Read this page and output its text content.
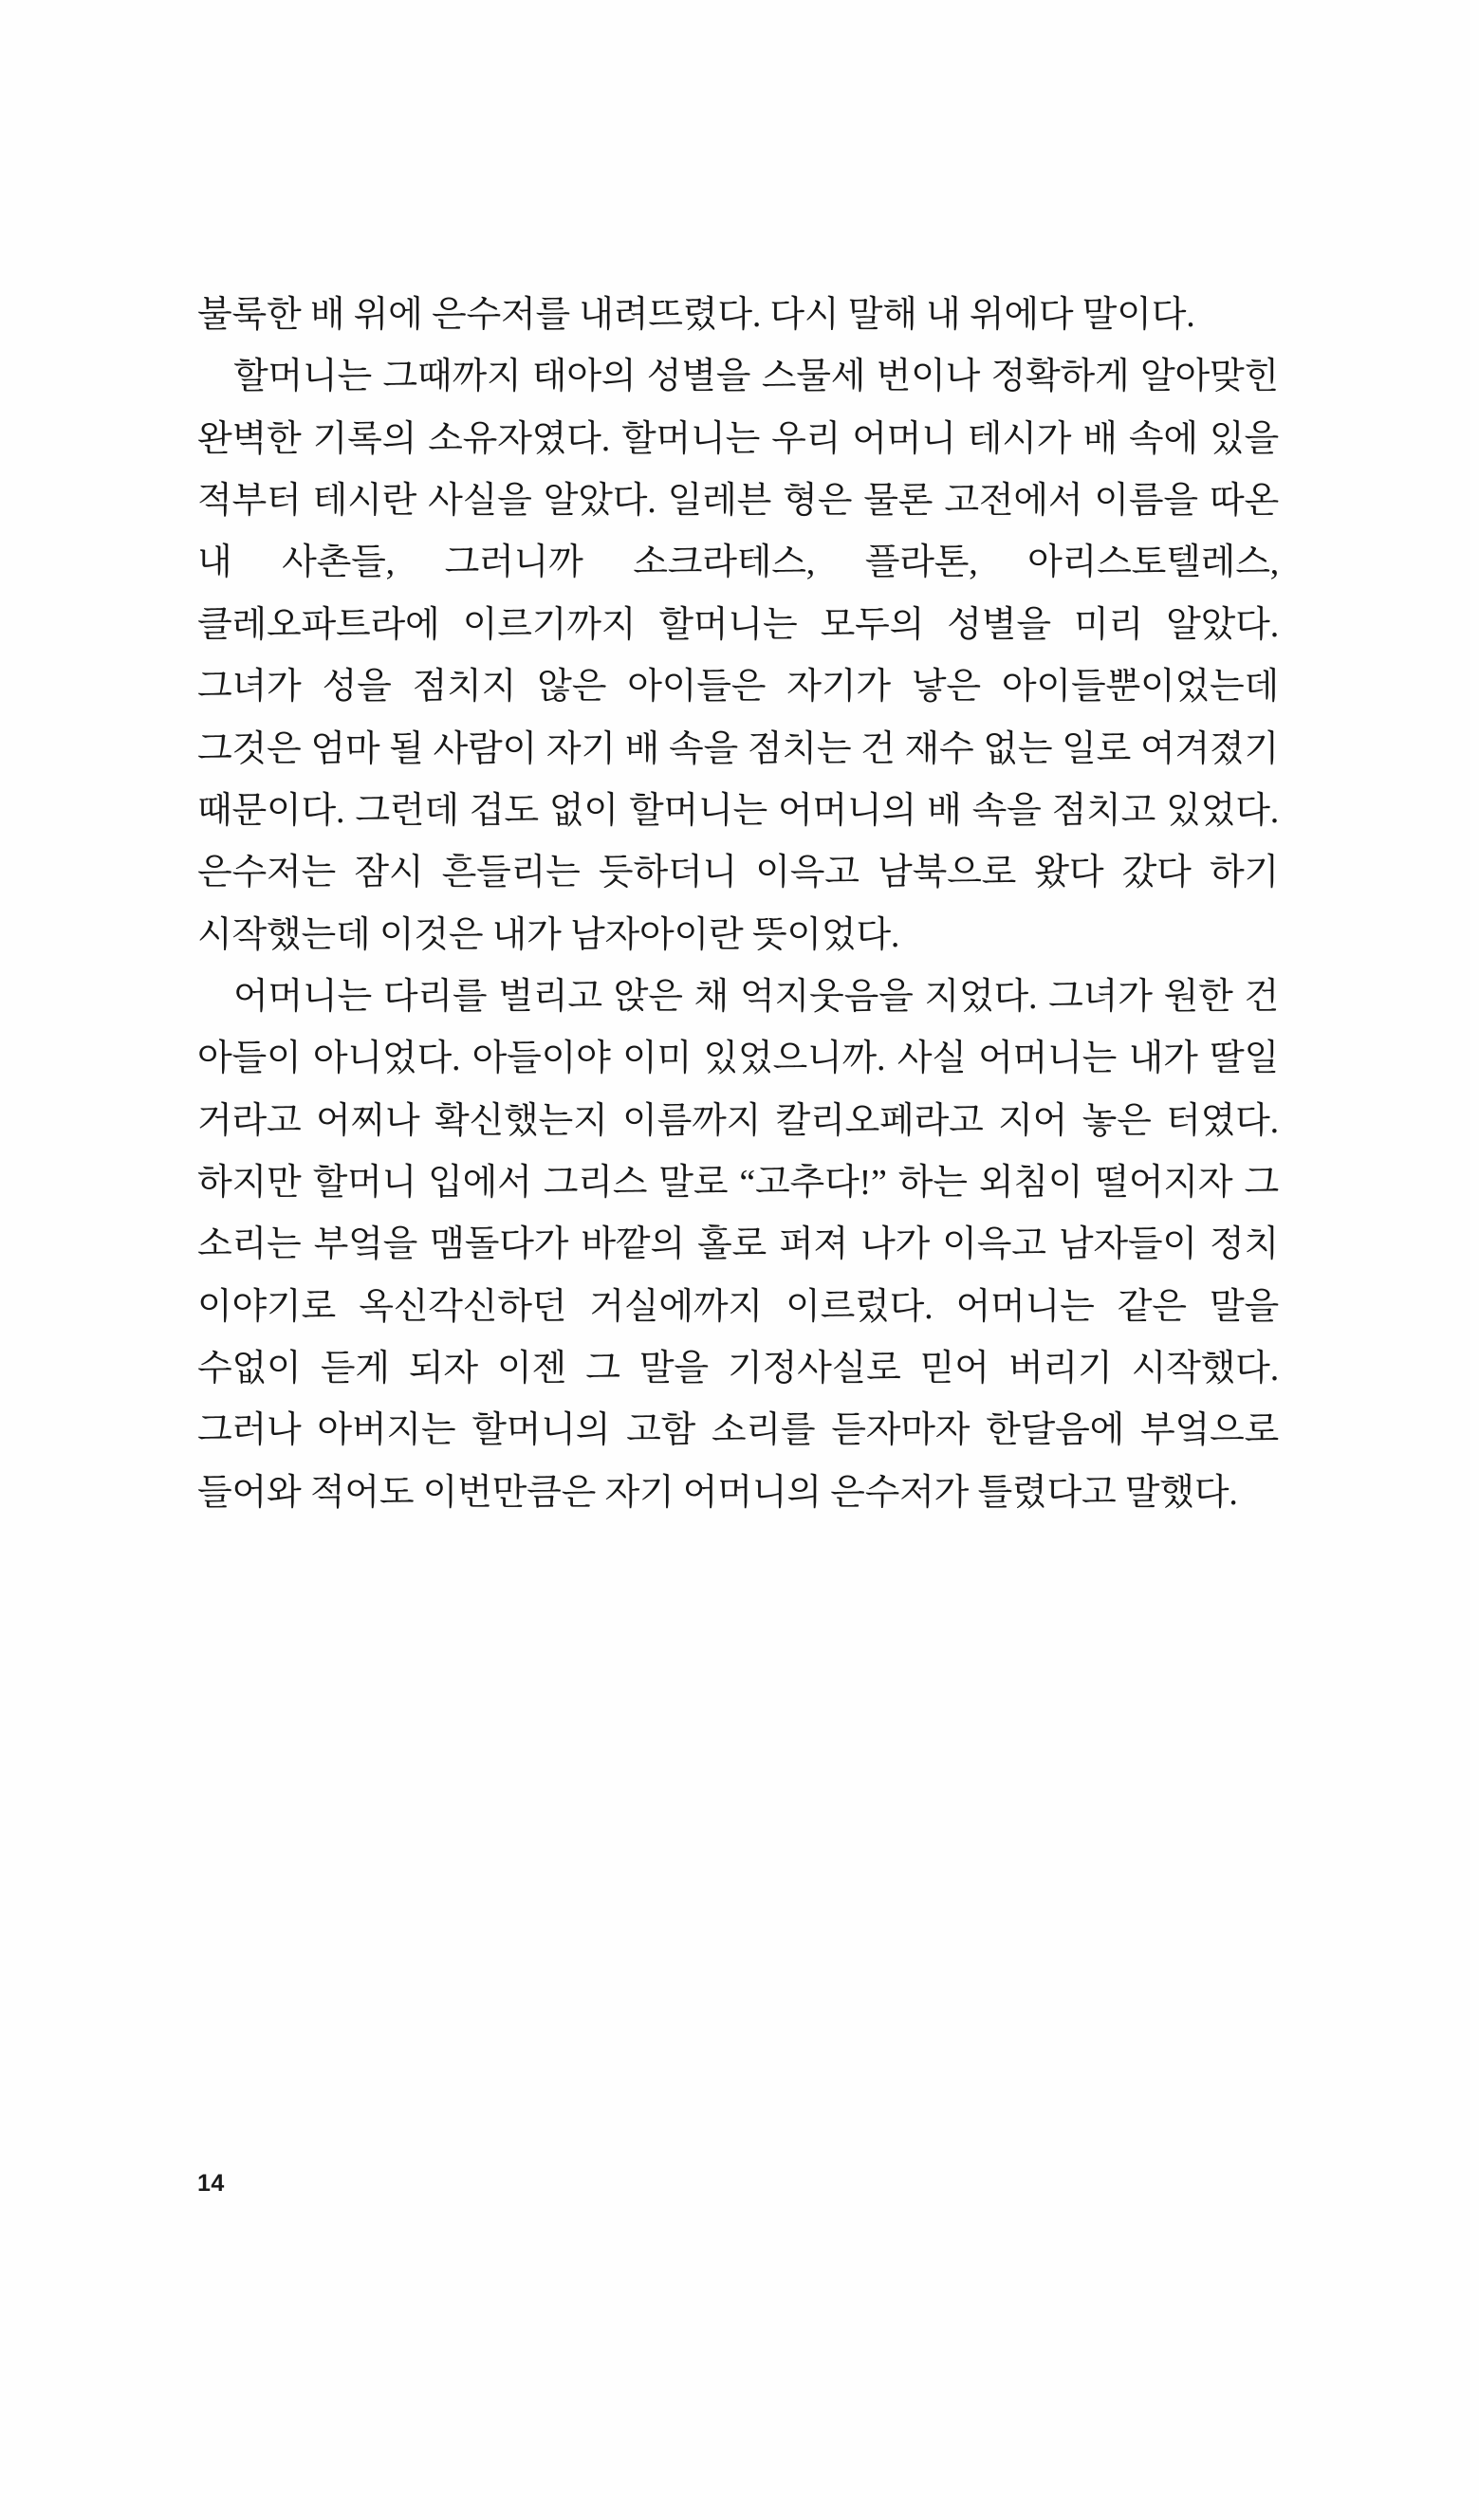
불룩한 배 위에 은수저를 내려뜨렸다. 다시 말해 내 위에다 말이다.

할머니는 그때까지 태아의 성별을 스물세 번이나 정확하게 알아맞힌 완벽한 기록의 소유자였다. 할머니는 우리 어머니 테시가 배 속에 있을 적부터 테시란 사실을 알았다. 일레븐 형은 물론 고전에서 이름을 따온 내 사촌들, 그러니까 소크라테스, 플라톤, 아리스토텔레스, 클레오파트라에 이르기까지 할머니는 모두의 성별을 미리 알았다. 그녀가 성을 점치지 않은 아이들은 자기가 낳은 아이들뿐이었는데 그것은 엄마 될 사람이 자기 배 속을 점치는 건 재수 없는 일로 여겨졌기 때문이다. 그런데 겁도 없이 할머니는 어머니의 배 속을 점치고 있었다. 은수저는 잠시 흔들리는 듯하더니 이윽고 남북으로 왔다 갔다 하기 시작했는데 이것은 내가 남자아이란 뜻이었다.

어머니는 다리를 벌리고 앉은 채 억지웃음을 지었다. 그녀가 원한 건 아들이 아니었다. 아들이야 이미 있었으니까. 사실 어머니는 내가 딸일 거라고 어찌나 확신했는지 이름까지 칼리오페라고 지어 놓은 터였다. 하지만 할머니 입에서 그리스 말로 “고추다!” 하는 외침이 떨어지자 그 소리는 부엌을 맴돌다가 바깥의 홀로 퍼져 나가 이윽고 남자들이 정치 이야기로 옥신각신하던 거실에까지 이르렀다. 어머니는 같은 말을 수없이 듣게 되자 이젠 그 말을 기정사실로 믿어 버리기 시작했다. 그러나 아버지는 할머니의 고함 소리를 듣자마자 한달음에 부엌으로 들어와 적어도 이번만큼은 자기 어머니의 은수저가 틀렸다고 말했다.

14
